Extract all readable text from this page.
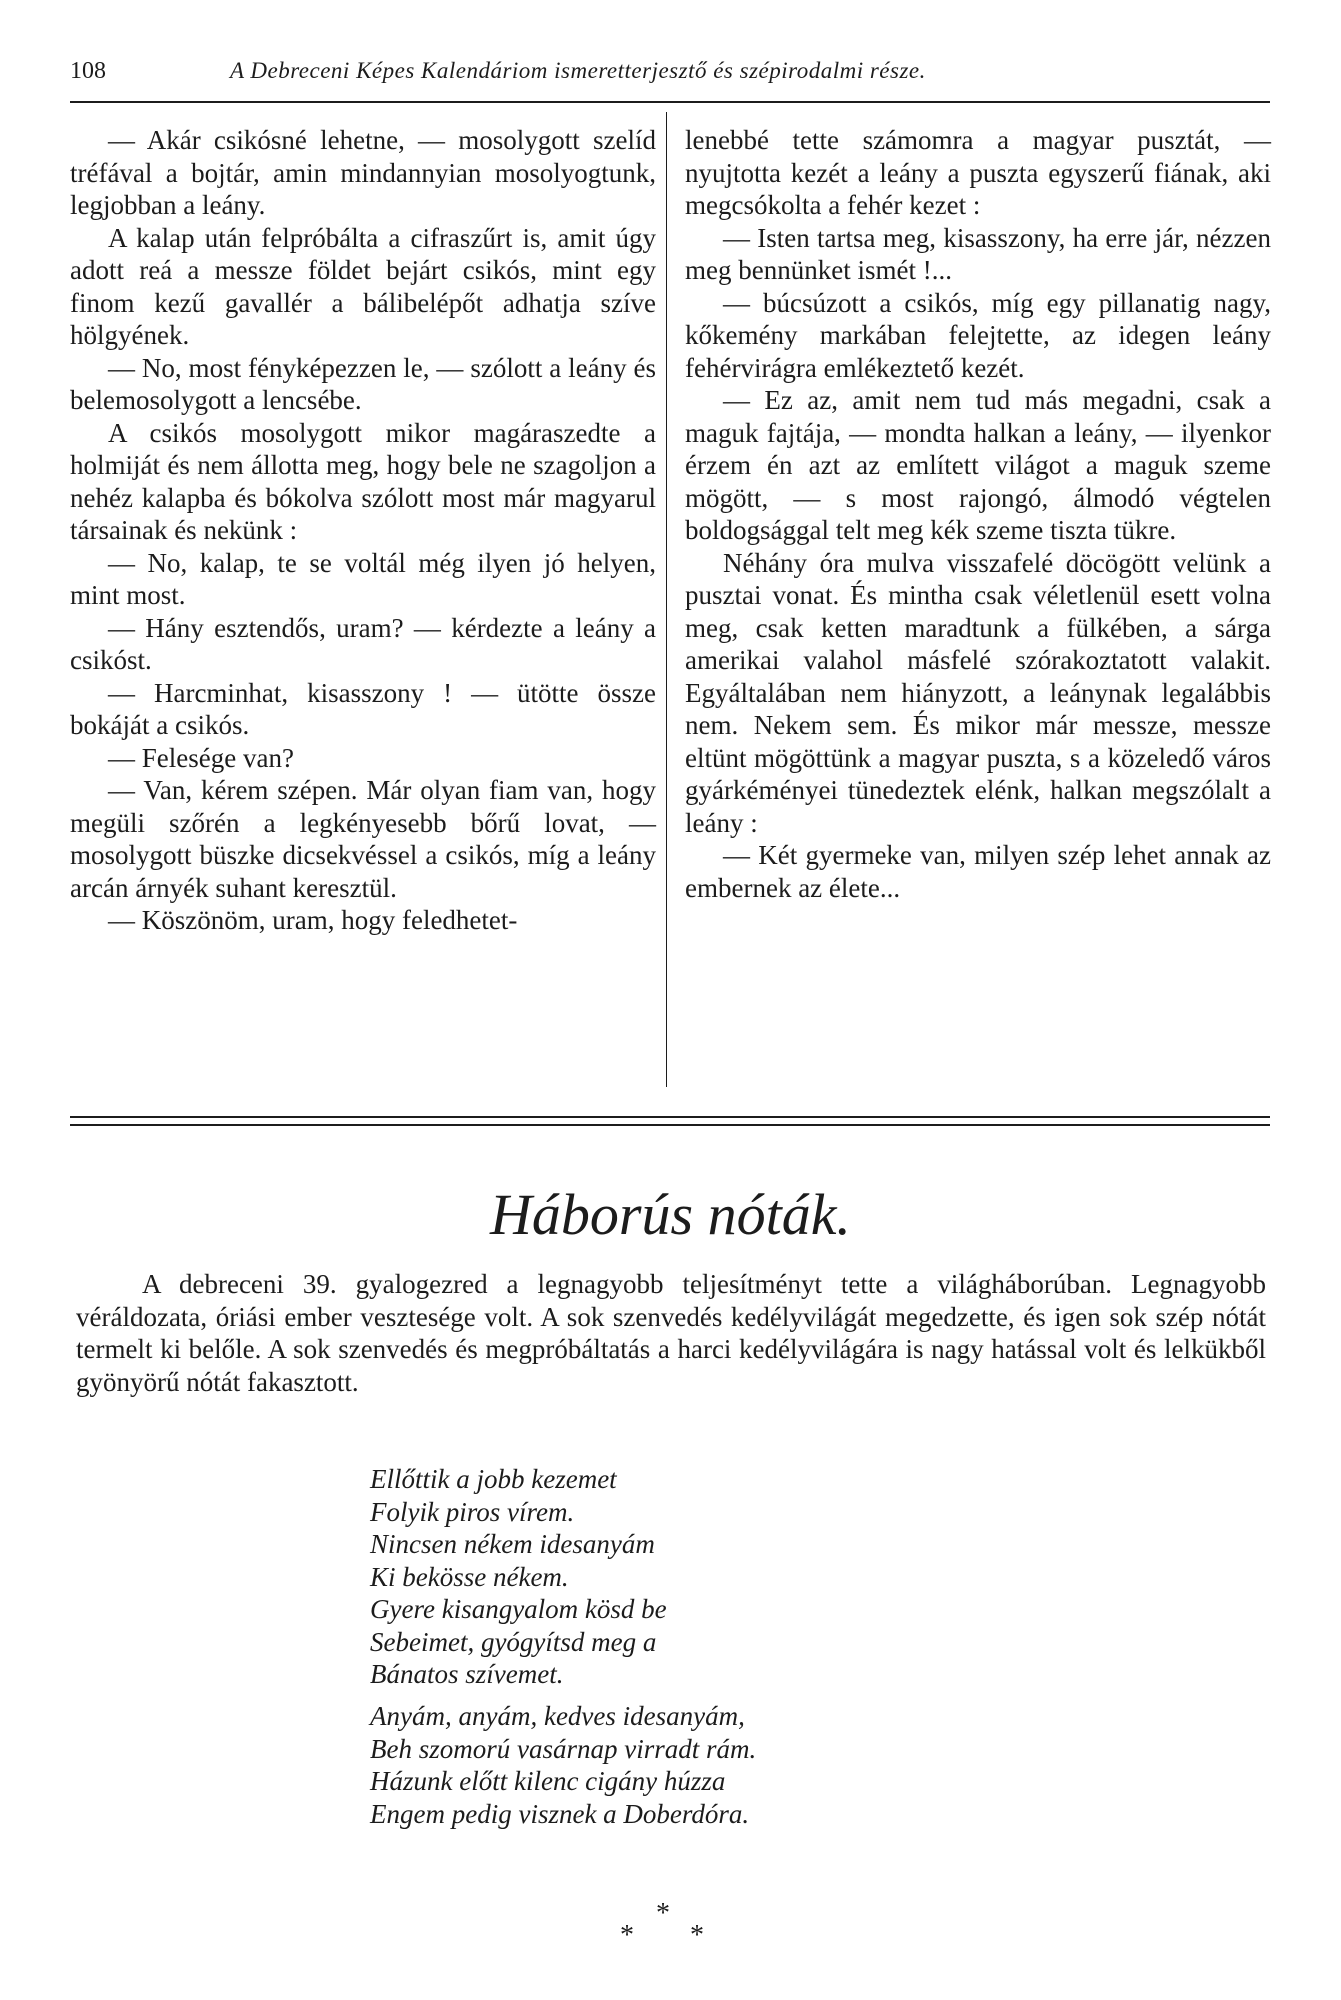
108	A Debreceni Képes Kalendáriom ismeretterjesztő és szépirodalmi része.

— Akár csikósné lehetne, — mosolygott szelíd tréfával a bojtár, amin mindannyian mosolyogtunk, legjobban a leány.

A kalap után felpróbálta a cifraszűrt is, amit úgy adott reá a messze földet bejárt csikós, mint egy finom kezű gavallér a bálibelépőt adhatja szíve hölgyének.

— No, most fényképezzen le, — szólott a leány és belemosolygott a lencsébe.

A csikós mosolygott mikor magáraszedte a holmiját és nem állotta meg, hogy bele ne szagoljon a nehéz kalapba és bókolva szólott most már magyarul társainak és nekünk :

— No, kalap, te se voltál még ilyen jó helyen, mint most.

— Hány esztendős, uram? — kérdezte a leány a csikóst.

— Harcminhat, kisasszony ! — ütötte össze bokáját a csikós.

— Felesége van?

— Van, kérem szépen. Már olyan fiam van, hogy megüli szőrén a legkényesebb bőrű lovat, — mosolygott büszke dicsekvéssel a csikós, míg a leány arcán árnyék suhant keresztül.

— Köszönöm, uram, hogy feledhetet-

lenebbé tette számomra a magyar pusztát, — nyujtotta kezét a leány a puszta egyszerű fiának, aki megcsókolta a fehér kezet :

— Isten tartsa meg, kisasszony, ha erre jár, nézzen meg bennünket ismét !...

— búcsúzott a csikós, míg egy pillanatig nagy, kőkemény markában felejtette, az idegen leány fehérvirágra emlékeztető kezét.

— Ez az, amit nem tud más megadni, csak a maguk fajtája, — mondta halkan a leány, — ilyenkor érzem én azt az említett világot a maguk szeme mögött, — s most rajongó, álmodó végtelen boldogsággal telt meg kék szeme tiszta tükre.

Néhány óra mulva visszafelé döcögött velünk a pusztai vonat. És mintha csak véletlenül esett volna meg, csak ketten maradtunk a fülkében, a sárga amerikai valahol másfelé szórakoztatott valakit. Egyáltalában nem hiányzott, a leánynak legalábbis nem. Nekem sem. És mikor már messze, messze eltünt mögöttünk a magyar puszta, s a közeledő város gyárkéményei tünedeztek elénk, halkan megszólalt a leány :

— Két gyermeke van, milyen szép lehet annak az embernek az élete...

Háborús nóták.

A debreceni 39. gyalogezred a legnagyobb teljesítményt tette a világháborúban. Legnagyobb véráldozata, óriási ember vesztesége volt. A sok szenvedés kedélyvilágát megedzette, és igen sok szép nótát termelt ki belőle. A sok szenvedés és megpróbáltatás a harci kedélyvilágára is nagy hatással volt és lelkükből gyönyörű nótát fakasztott.

Ellőttik a jobb kezemet
Folyik piros vírem.
Nincsen nékem idesanyám
Ki bekösse nékem.
Gyere kisangyalom kösd be
Sebeimet, gyógyítsd meg a
Bánatos szívemet.
Anyám, anyám, kedves idesanyám,
Beh szomorú vasárnap virradt rám.
Házunk előtt kilenc cigány húzza
Engem pedig visznek a Doberdóra.
*
* *
